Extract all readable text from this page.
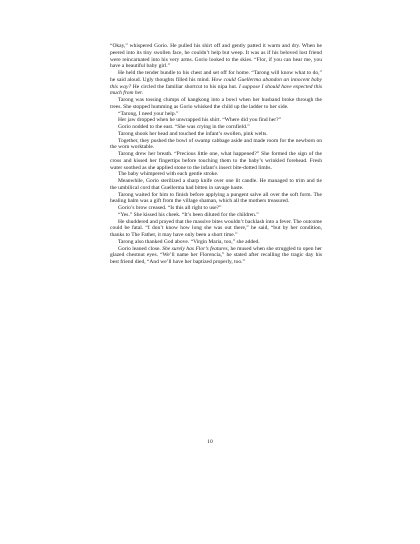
“Okay,” whispered Gorio. He pulled his shirt off and gently patted it warm and dry. When he peered into its tiny swollen face, he couldn’t help but weep. It was as if his beloved lost friend were reincarnated into his very arms. Gorio looked to the skies. “Flor, if you can hear me, you have a beautiful baby girl.”

He held the tender bundle to his chest and set off for home. “Tarong will know what to do,” he said aloud. Ugly thoughts filled his mind. How could Guellerma abandon an innocent baby this way? He circled the familiar shortcut to his nipa hut. I suppose I should have expected this much from her.

Tarong was tossing clumps of kangkong into a bowl when her husband broke through the trees. She stopped humming as Gorio whisked the child up the ladder to her side.

“Tarong, I need your help.”

Her jaw dropped when he unwrapped his shirt. “Where did you find her?”

Gorio nodded to the east. “She was crying in the cornfield.”

Tarong shook her head and touched the infant’s swollen, pink welts.

Together, they pushed the bowl of swamp cabbage aside and made room for the newborn on the worn worktable.

Tarong drew her breath. “Precious little one, what happened?” She formed the sign of the cross and kissed her fingertips before touching them to the baby’s wrinkled forehead. Fresh water soothed as she applied stone to the infant’s insect bite-dotted limbs.

The baby whimpered with each gentle stroke.

Meanwhile, Gorio sterilized a sharp knife over one lit candle. He managed to trim and tie the umbilical cord that Guellerma had bitten in savage haste.

Tarong waited for him to finish before applying a pungent salve all over the soft form. The healing balm was a gift from the village shaman, which all the mothers treasured.

Gorio’s brow creased. “Is this all right to use?”

“Yes.” She kissed his cheek. “It’s been diluted for the children.”

He shuddered and prayed that the massive bites wouldn’t backlash into a fever. The outcome could be fatal. “I don’t know how long she was out there,” he said, “but by her condition, thanks to The Father, it may have only been a short time.”

Tarong also thanked God above. “Virgin Maria, too,” she added.

Gorio leaned close. She surely has Flor’s features, he mused when she struggled to open her glazed chestnut eyes. “We’ll name her Florencia,” he stated after recalling the tragic day his best friend died, “And we’ll have her baptized properly, too.”

10
